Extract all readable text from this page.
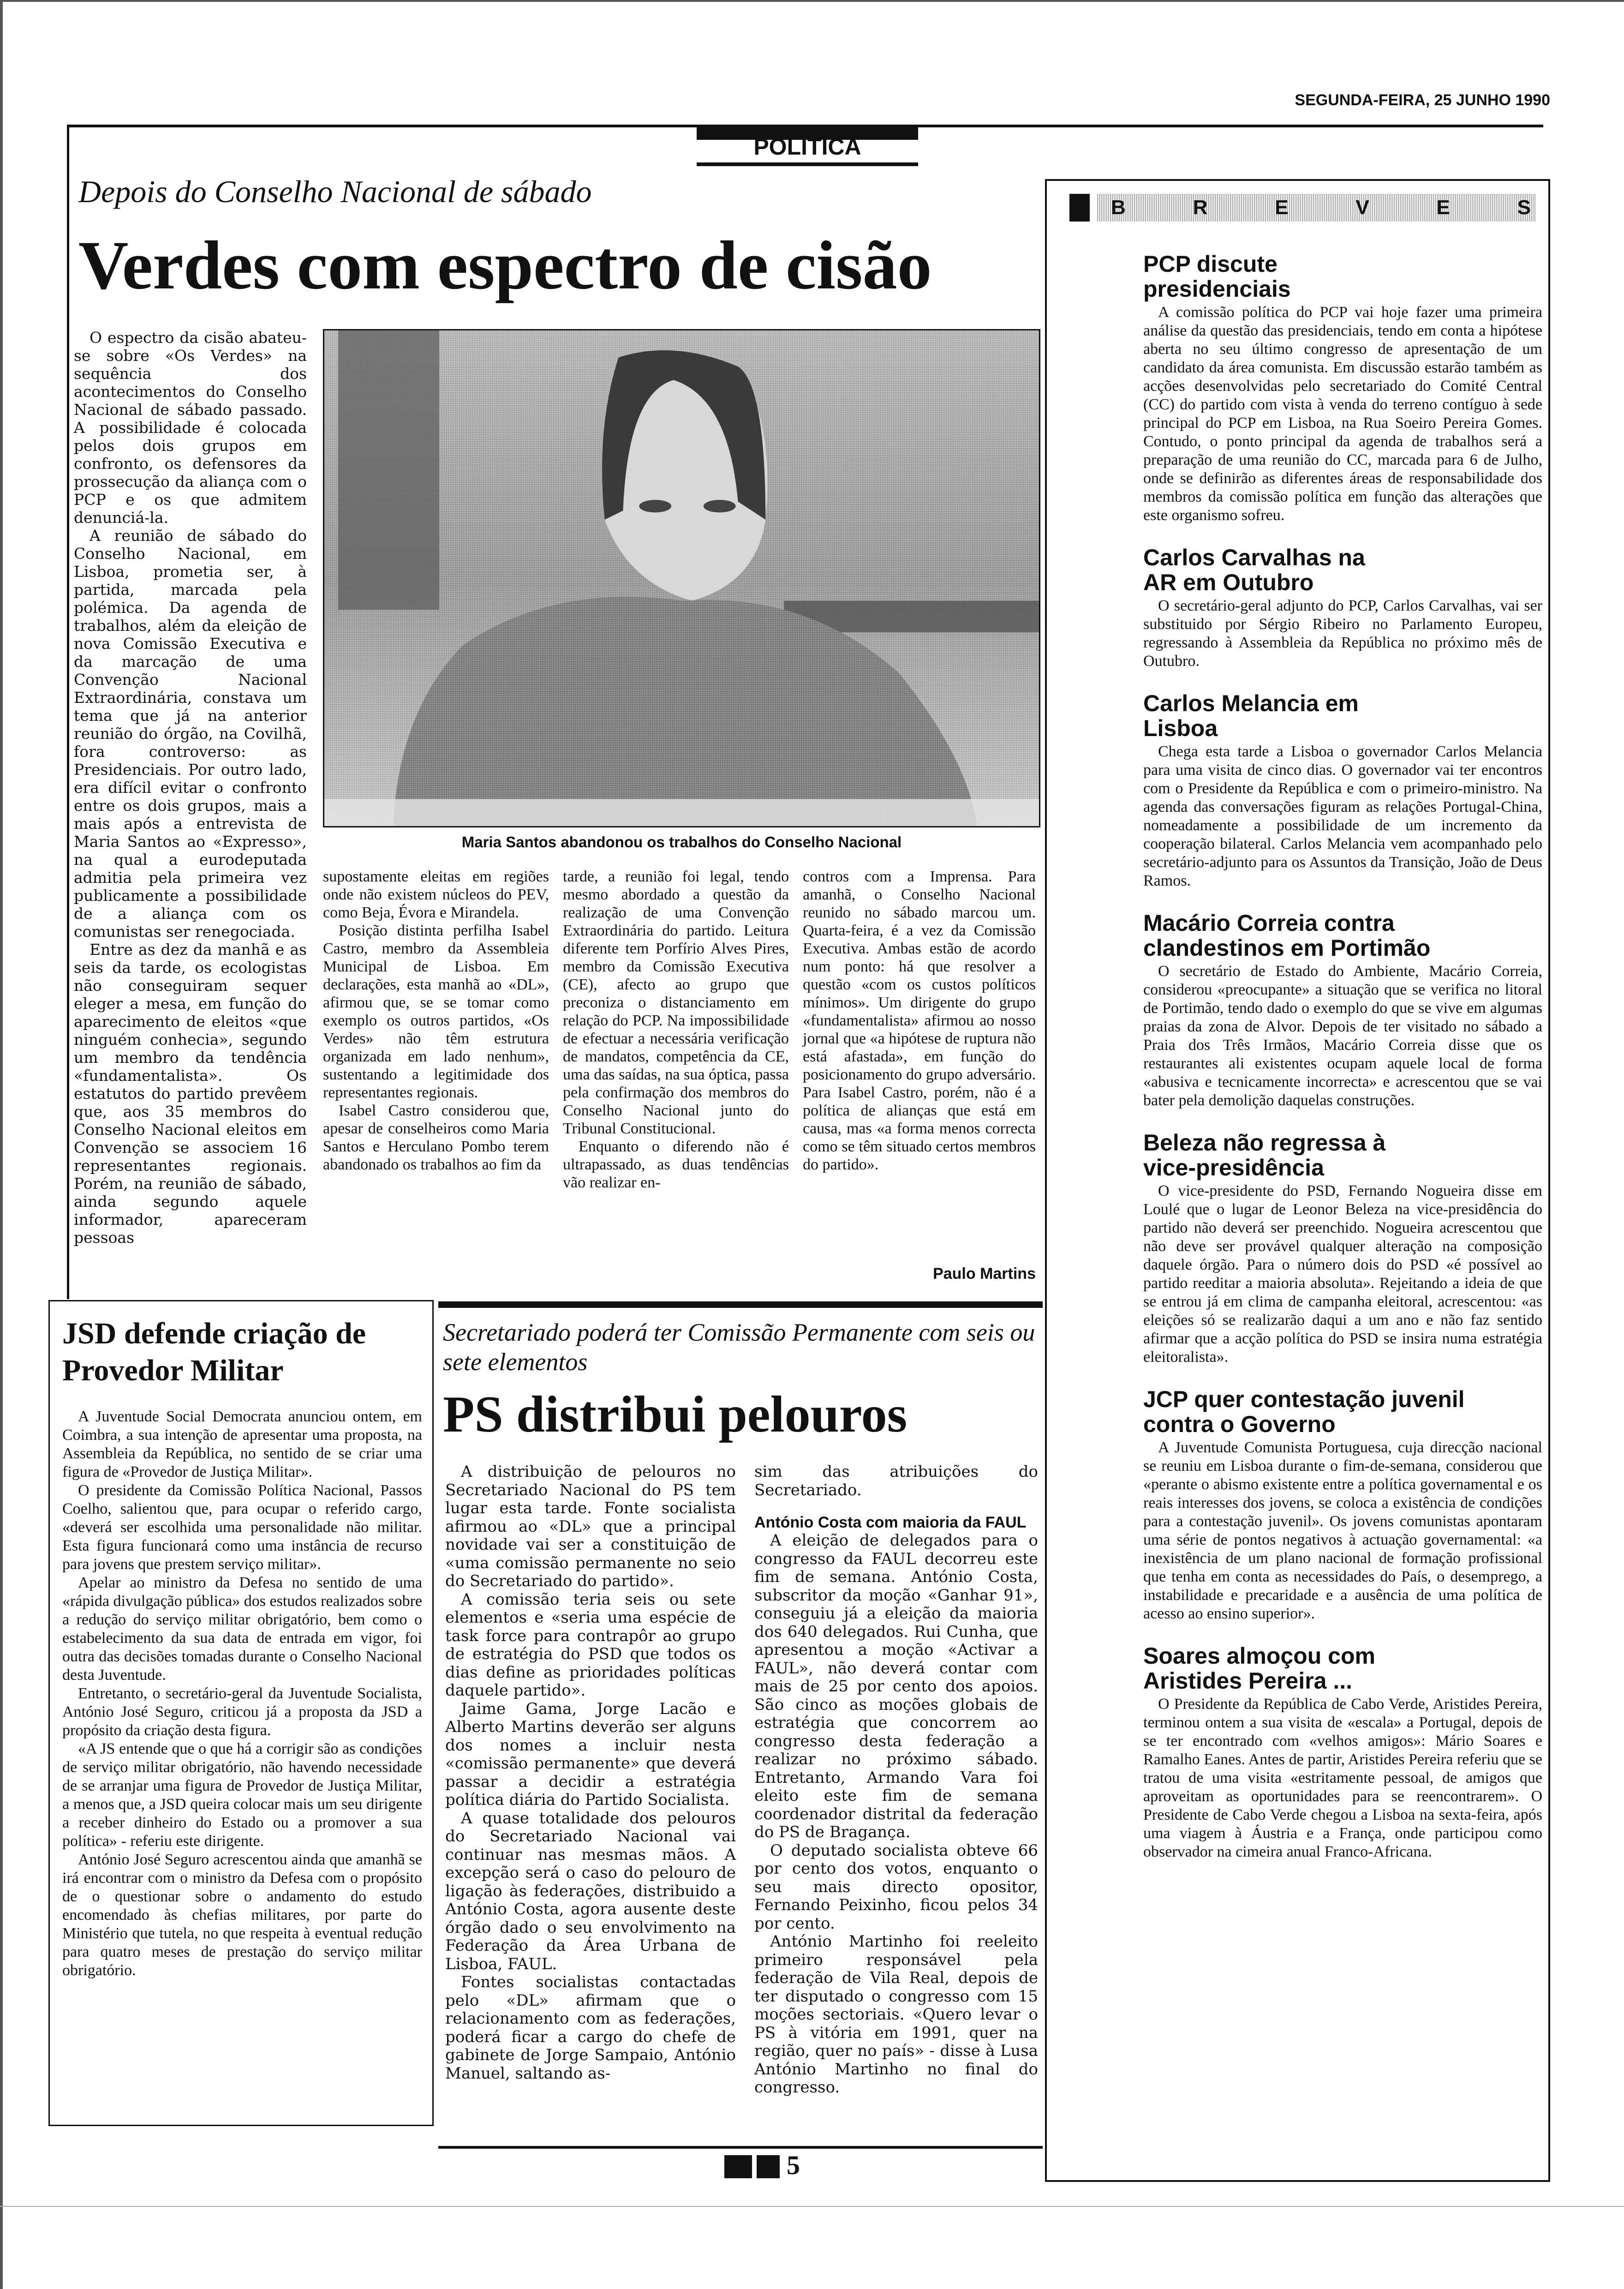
SEGUNDA-FEIRA, 25 JUNHO 1990
POLÍTICA
Depois do Conselho Nacional de sábado
Verdes com espectro de cisão

O espectro da cisão abateu-se sobre «Os Verdes» na sequência dos acontecimentos do Conselho Nacional de sábado passado. A possibilidade é colocada pelos dois grupos em confronto, os defensores da prossecução da aliança com o PCP e os que admitem denunciá-la.

A reunião de sábado do Conselho Nacional, em Lisboa, prometia ser, à partida, marcada pela polémica. Da agenda de trabalhos, além da eleição de nova Comissão Executiva e da marcação de uma Convenção Nacional Extraordinária, constava um tema que já na anterior reunião do órgão, na Covilhã, fora controverso: as Presidenciais. Por outro lado, era difícil evitar o confronto entre os dois grupos, mais a mais após a entrevista de Maria Santos ao «Expresso», na qual a eurodeputada admitia pela primeira vez publicamente a possibilidade de a aliança com os comunistas ser renegociada.

Entre as dez da manhã e as seis da tarde, os ecologistas não conseguiram sequer eleger a mesa, em função do aparecimento de eleitos «que ninguém conhecia», segundo um membro da tendência «fundamentalista». Os estatutos do partido prevêem que, aos 35 membros do Conselho Nacional eleitos em Convenção se associem 16 representantes regionais. Porém, na reunião de sábado, ainda segundo aquele informador, apareceram pessoas

Maria Santos abandonou os trabalhos do Conselho Nacional

supostamente eleitas em regiões onde não existem núcleos do PEV, como Beja, Évora e Mirandela.

Posição distinta perfilha Isabel Castro, membro da Assembleia Municipal de Lisboa. Em declarações, esta manhã ao «DL», afirmou que, se se tomar como exemplo os outros partidos, «Os Verdes» não têm estrutura organizada em lado nenhum», sustentando a legitimidade dos representantes regionais.

Isabel Castro considerou que, apesar de conselheiros como Maria Santos e Herculano Pombo terem abandonado os trabalhos ao fim da

tarde, a reunião foi legal, tendo mesmo abordado a questão da realização de uma Convenção Extraordinária do partido. Leitura diferente tem Porfírio Alves Pires, membro da Comissão Executiva (CE), afecto ao grupo que preconiza o distanciamento em relação do PCP. Na impossibilidade de efectuar a necessária verificação de mandatos, competência da CE, uma das saídas, na sua óptica, passa pela confirmação dos membros do Conselho Nacional junto do Tribunal Constitucional.

Enquanto o diferendo não é ultrapassado, as duas tendências vão realizar en-

contros com a Imprensa. Para amanhã, o Conselho Nacional reunido no sábado marcou um. Quarta-feira, é a vez da Comissão Executiva. Ambas estão de acordo num ponto: há que resolver a questão «com os custos políticos mínimos». Um dirigente do grupo «fundamentalista» afirmou ao nosso jornal que «a hipótese de ruptura não está afastada», em função do posicionamento do grupo adversário. Para Isabel Castro, porém, não é a política de alianças que está em causa, mas «a forma menos correcta como se têm situado certos membros do partido».

Paulo Martins
B	R	E	V	E	S
PCP discute presidenciais

A comissão política do PCP vai hoje fazer uma primeira análise da questão das presidenciais, tendo em conta a hipótese aberta no seu último congresso de apresentação de um candidato da área comunista. Em discussão estarão também as acções desenvolvidas pelo secretariado do Comité Central (CC) do partido com vista à venda do terreno contíguo à sede principal do PCP em Lisboa, na Rua Soeiro Pereira Gomes. Contudo, o ponto principal da agenda de trabalhos será a preparação de uma reunião do CC, marcada para 6 de Julho, onde se definirão as diferentes áreas de responsabilidade dos membros da comissão política em função das alterações que este organismo sofreu.

Carlos Carvalhas na AR em Outubro

O secretário-geral adjunto do PCP, Carlos Carvalhas, vai ser substituido por Sérgio Ribeiro no Parlamento Europeu, regressando à Assembleia da República no próximo mês de Outubro.

Carlos Melancia em Lisboa

Chega esta tarde a Lisboa o governador Carlos Melancia para uma visita de cinco dias. O governador vai ter encontros com o Presidente da República e com o primeiro-ministro. Na agenda das conversações figuram as relações Portugal-China, nomeadamente a possibilidade de um incremento da cooperação bilateral. Carlos Melancia vem acompanhado pelo secretário-adjunto para os Assuntos da Transição, João de Deus Ramos.

Macário Correia contra clandestinos em Portimão

O secretário de Estado do Ambiente, Macário Correia, considerou «preocupante» a situação que se verifica no litoral de Portimão, tendo dado o exemplo do que se vive em algumas praias da zona de Alvor. Depois de ter visitado no sábado a Praia dos Três Irmãos, Macário Correia disse que os restaurantes ali existentes ocupam aquele local de forma «abusiva e tecnicamente incorrecta» e acrescentou que se vai bater pela demolição daquelas construções.

Beleza não regressa à vice-presidência

O vice-presidente do PSD, Fernando Nogueira disse em Loulé que o lugar de Leonor Beleza na vice-presidência do partido não deverá ser preenchido. Nogueira acrescentou que não deve ser provável qualquer alteração na composição daquele órgão. Para o número dois do PSD «é possível ao partido reeditar a maioria absoluta». Rejeitando a ideia de que se entrou já em clima de campanha eleitoral, acrescentou: «as eleições só se realizarão daqui a um ano e não faz sentido afirmar que a acção política do PSD se insira numa estratégia eleitoralista».

JCP quer contestação juvenil contra o Governo

A Juventude Comunista Portuguesa, cuja direcção nacional se reuniu em Lisboa durante o fim-de-semana, considerou que «perante o abismo existente entre a política governamental e os reais interesses dos jovens, se coloca a existência de condições para a contestação juvenil». Os jovens comunistas apontaram uma série de pontos negativos à actuação governamental: «a inexistência de um plano nacional de formação profissional que tenha em conta as necessidades do País, o desemprego, a instabilidade e precaridade e a ausência de uma política de acesso ao ensino superior».

Soares almoçou com Aristides Pereira ...

O Presidente da República de Cabo Verde, Aristides Pereira, terminou ontem a sua visita de «escala» a Portugal, depois de se ter encontrado com «velhos amigos»: Mário Soares e Ramalho Eanes. Antes de partir, Aristides Pereira referiu que se tratou de uma visita «estritamente pessoal, de amigos que aproveitam as oportunidades para se reencontrarem». O Presidente de Cabo Verde chegou a Lisboa na sexta-feira, após uma viagem à Áustria e a França, onde participou como observador na cimeira anual Franco-Africana.

JSD defende criação de Provedor Militar

A Juventude Social Democrata anunciou ontem, em Coimbra, a sua intenção de apresentar uma proposta, na Assembleia da República, no sentido de se criar uma figura de «Provedor de Justiça Militar».

O presidente da Comissão Política Nacional, Passos Coelho, salientou que, para ocupar o referido cargo, «deverá ser escolhida uma personalidade não militar. Esta figura funcionará como uma instância de recurso para jovens que prestem serviço militar».

Apelar ao ministro da Defesa no sentido de uma «rápida divulgação pública» dos estudos realizados sobre a redução do serviço militar obrigatório, bem como o estabelecimento da sua data de entrada em vigor, foi outra das decisões tomadas durante o Conselho Nacional desta Juventude.

Entretanto, o secretário-geral da Juventude Socialista, António José Seguro, criticou já a proposta da JSD a propósito da criação desta figura.

«A JS entende que o que há a corrigir são as condições de serviço militar obrigatório, não havendo necessidade de se arranjar uma figura de Provedor de Justiça Militar, a menos que, a JSD queira colocar mais um seu dirigente a receber dinheiro do Estado ou a promover a sua política» - referiu este dirigente.

António José Seguro acrescentou ainda que amanhã se irá encontrar com o ministro da Defesa com o propósito de o questionar sobre o andamento do estudo encomendado às chefias militares, por parte do Ministério que tutela, no que respeita à eventual redução para quatro meses de prestação do serviço militar obrigatório.

Secretariado poderá ter Comissão Permanente com seis ou sete elementos
PS distribui pelouros

A distribuição de pelouros no Secretariado Nacional do PS tem lugar esta tarde. Fonte socialista afirmou ao «DL» que a principal novidade vai ser a constituição de «uma comissão permanente no seio do Secretariado do partido».

A comissão teria seis ou sete elementos e «seria uma espécie de task force para contrapôr ao grupo de estratégia do PSD que todos os dias define as prioridades políticas daquele partido».

Jaime Gama, Jorge Lacão e Alberto Martins deverão ser alguns dos nomes a incluir nesta «comissão permanente» que deverá passar a decidir a estratégia política diária do Partido Socialista.

A quase totalidade dos pelouros do Secretariado Nacional vai continuar nas mesmas mãos. A excepção será o caso do pelouro de ligação às federações, distribuido a António Costa, agora ausente deste órgão dado o seu envolvimento na Federação da Área Urbana de Lisboa, FAUL.

Fontes socialistas contactadas pelo «DL» afirmam que o relacionamento com as federações, poderá ficar a cargo do chefe de gabinete de Jorge Sampaio, António Manuel, saltando as-

sim das atribuições do Secretariado.

António Costa com maioria da FAUL

A eleição de delegados para o congresso da FAUL decorreu este fim de semana. António Costa, subscritor da moção «Ganhar 91», conseguiu já a eleição da maioria dos 640 delegados. Rui Cunha, que apresentou a moção «Activar a FAUL», não deverá contar com mais de 25 por cento dos apoios. São cinco as moções globais de estratégia que concorrem ao congresso desta federação a realizar no próximo sábado. Entretanto, Armando Vara foi eleito este fim de semana coordenador distrital da federação do PS de Bragança.

O deputado socialista obteve 66 por cento dos votos, enquanto o seu mais directo opositor, Fernando Peixinho, ficou pelos 34 por cento.

António Martinho foi reeleito primeiro responsável pela federação de Vila Real, depois de ter disputado o congresso com 15 moções sectoriais. «Quero levar o PS à vitória em 1991, quer na região, quer no país» - disse à Lusa António Martinho no final do congresso.

5
